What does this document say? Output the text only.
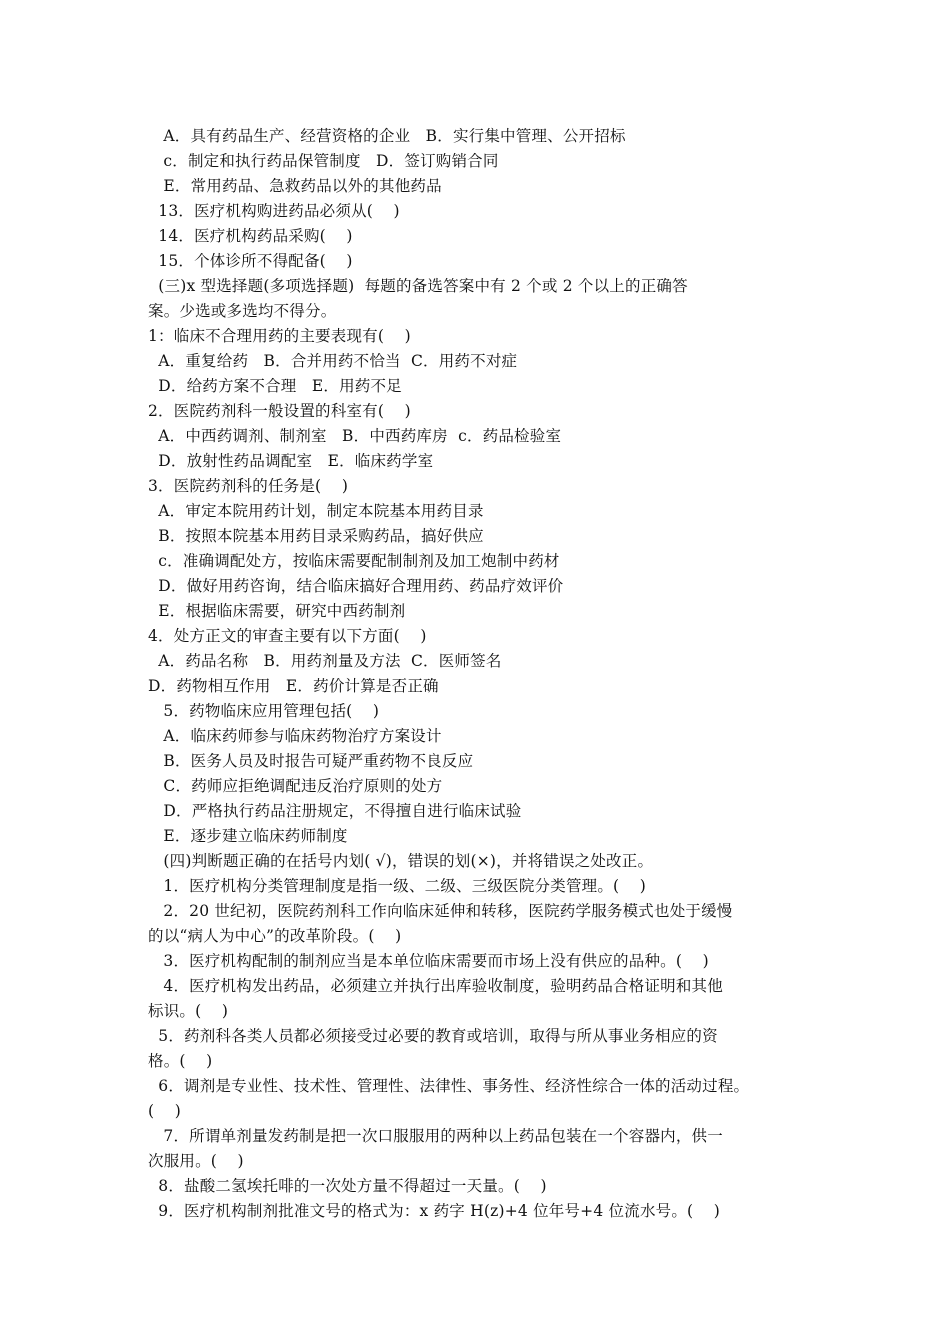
A．具有药品生产、经营资格的企业   B．实行集中管理、公开招标
c．制定和执行药品保管制度   D．签订购销合同
E．常用药品、急救药品以外的其他药品
13．医疗机构购进药品必须从(    )
14．医疗机构药品采购(    )
15．个体诊所不得配备(    )
(三)x 型选择题(多项选择题)  每题的备选答案中有 2 个或 2 个以上的正确答
案。少选或多选均不得分。
1：临床不合理用药的主要表现有(    )
A．重复给药   B．合并用药不恰当  C．用药不对症
D．给药方案不合理   E．用药不足
2．医院药剂科一般设置的科室有(    )
A．中西药调剂、制剂室   B．中西药库房  c．药品检验室
D．放射性药品调配室   E．临床药学室
3．医院药剂科的任务是(    )
A．审定本院用药计划，制定本院基本用药目录
B．按照本院基本用药目录采购药品，搞好供应
c．准确调配处方，按临床需要配制制剂及加工炮制中药材
D．做好用药咨询，结合临床搞好合理用药、药品疗效评价
E．根据临床需要，研究中西药制剂
4．处方正文的审查主要有以下方面(    )
A．药品名称   B．用药剂量及方法  C．医师签名
D．药物相互作用   E．药价计算是否正确
5．药物临床应用管理包括(    )
A．临床药师参与临床药物治疗方案设计
B．医务人员及时报告可疑严重药物不良反应
C．药师应拒绝调配违反治疗原则的处方
D．严格执行药品注册规定，不得擅自进行临床试验
E．逐步建立临床药师制度
(四)判断题正确的在括号内划( √)，错误的划(×)，并将错误之处改正。
1．医疗机构分类管理制度是指一级、二级、三级医院分类管理。(    )
2．20 世纪初，医院药剂科工作向临床延伸和转移，医院药学服务模式也处于缓慢
的以“病人为中心”的改革阶段。(    )
3．医疗机构配制的制剂应当是本单位临床需要而市场上没有供应的品种。(    )
4．医疗机构发出药品，必须建立并执行出库验收制度，验明药品合格证明和其他
标识。(    )
5．药剂科各类人员都必须接受过必要的教育或培训，取得与所从事业务相应的资
格。(    )
6．调剂是专业性、技术性、管理性、法律性、事务性、经济性综合一体的活动过程。
(    )
7．所谓单剂量发药制是把一次口服服用的两种以上药品包装在一个容器内，供一
次服用。(    )
8．盐酸二氢埃托啡的一次处方量不得超过一天量。(    )
9．医疗机构制剂批准文号的格式为：x 药字 H(z)+4 位年号+4 位流水号。(    )
